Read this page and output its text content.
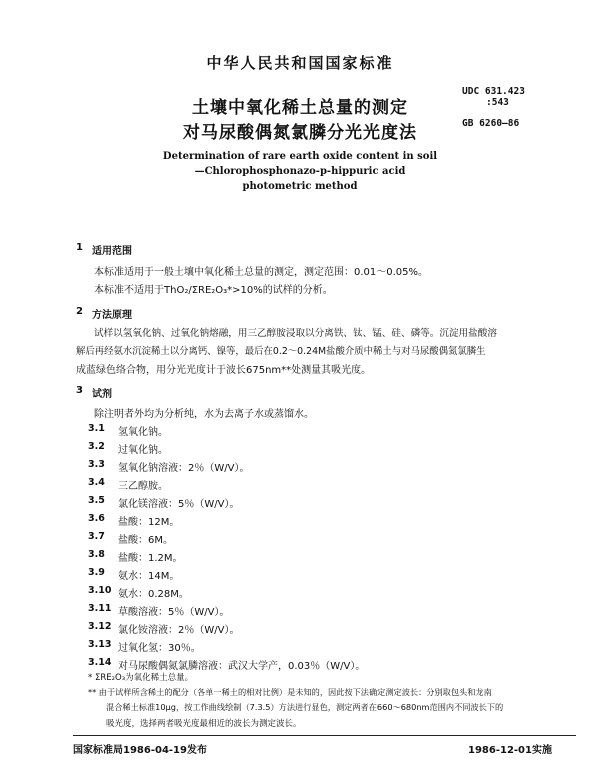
中华人民共和国国家标准
土壤中氧化稀土总量的测定
对马尿酸偶氮氯膦分光光度法
UDC 631.423
:543
GB 6260—86
Determination of rare earth oxide content in soil
—Chlorophosphonazo-p-hippuric acid
photometric method
1 适用范围
本标准适用于一般土壤中氧化稀土总量的测定，测定范围：0.01～0.05%。
本标准不适用于ThO₂/ΣRE₂O₃*>10%的试样的分析。
2 方法原理
试样以氢氧化钠、过氧化钠熔融，用三乙醇胺浸取以分离铁、钛、锰、硅、磷等。沉淀用盐酸溶
解后再经氨水沉淀稀土以分离钙、镍等，最后在0.2～0.24M盐酸介质中稀土与对马尿酸偶氮氯膦生
成蓝绿色络合物，用分光光度计于波长675nm**处测量其吸光度。
3 试剂
除注明者外均为分析纯，水为去离子水或蒸馏水。
3.1 氢氧化钠。
3.2 过氧化钠。
3.3 氢氧化钠溶液：2％（W/V）。
3.4 三乙醇胺。
3.5 氯化镁溶液：5％（W/V）。
3.6 盐酸：12M。
3.7 盐酸：6M。
3.8 盐酸：1.2M。
3.9 氨水：14M。
3.10 氨水：0.28M。
3.11 草酸溶液：5％（W/V）。
3.12 氯化铵溶液：2％（W/V）。
3.13 过氧化氢：30％。
3.14 对马尿酸偶氮氯膦溶液：武汉大学产，0.03％（W/V）。
* ΣRE₂O₃为氧化稀土总量。
** 由于试样所含稀土的配分（各单一稀土的相对比例）是未知的，因此按下法确定测定波长：分别取包头和龙南
混合稀土标准10μg，按工作曲线绘制（7.3.5）方法进行显色，测定两者在660～680nm范围内不同波长下的
吸光度，选择两者吸光度最相近的波长为测定波长。
国家标准局1986-04-19发布	1986-12-01实施
